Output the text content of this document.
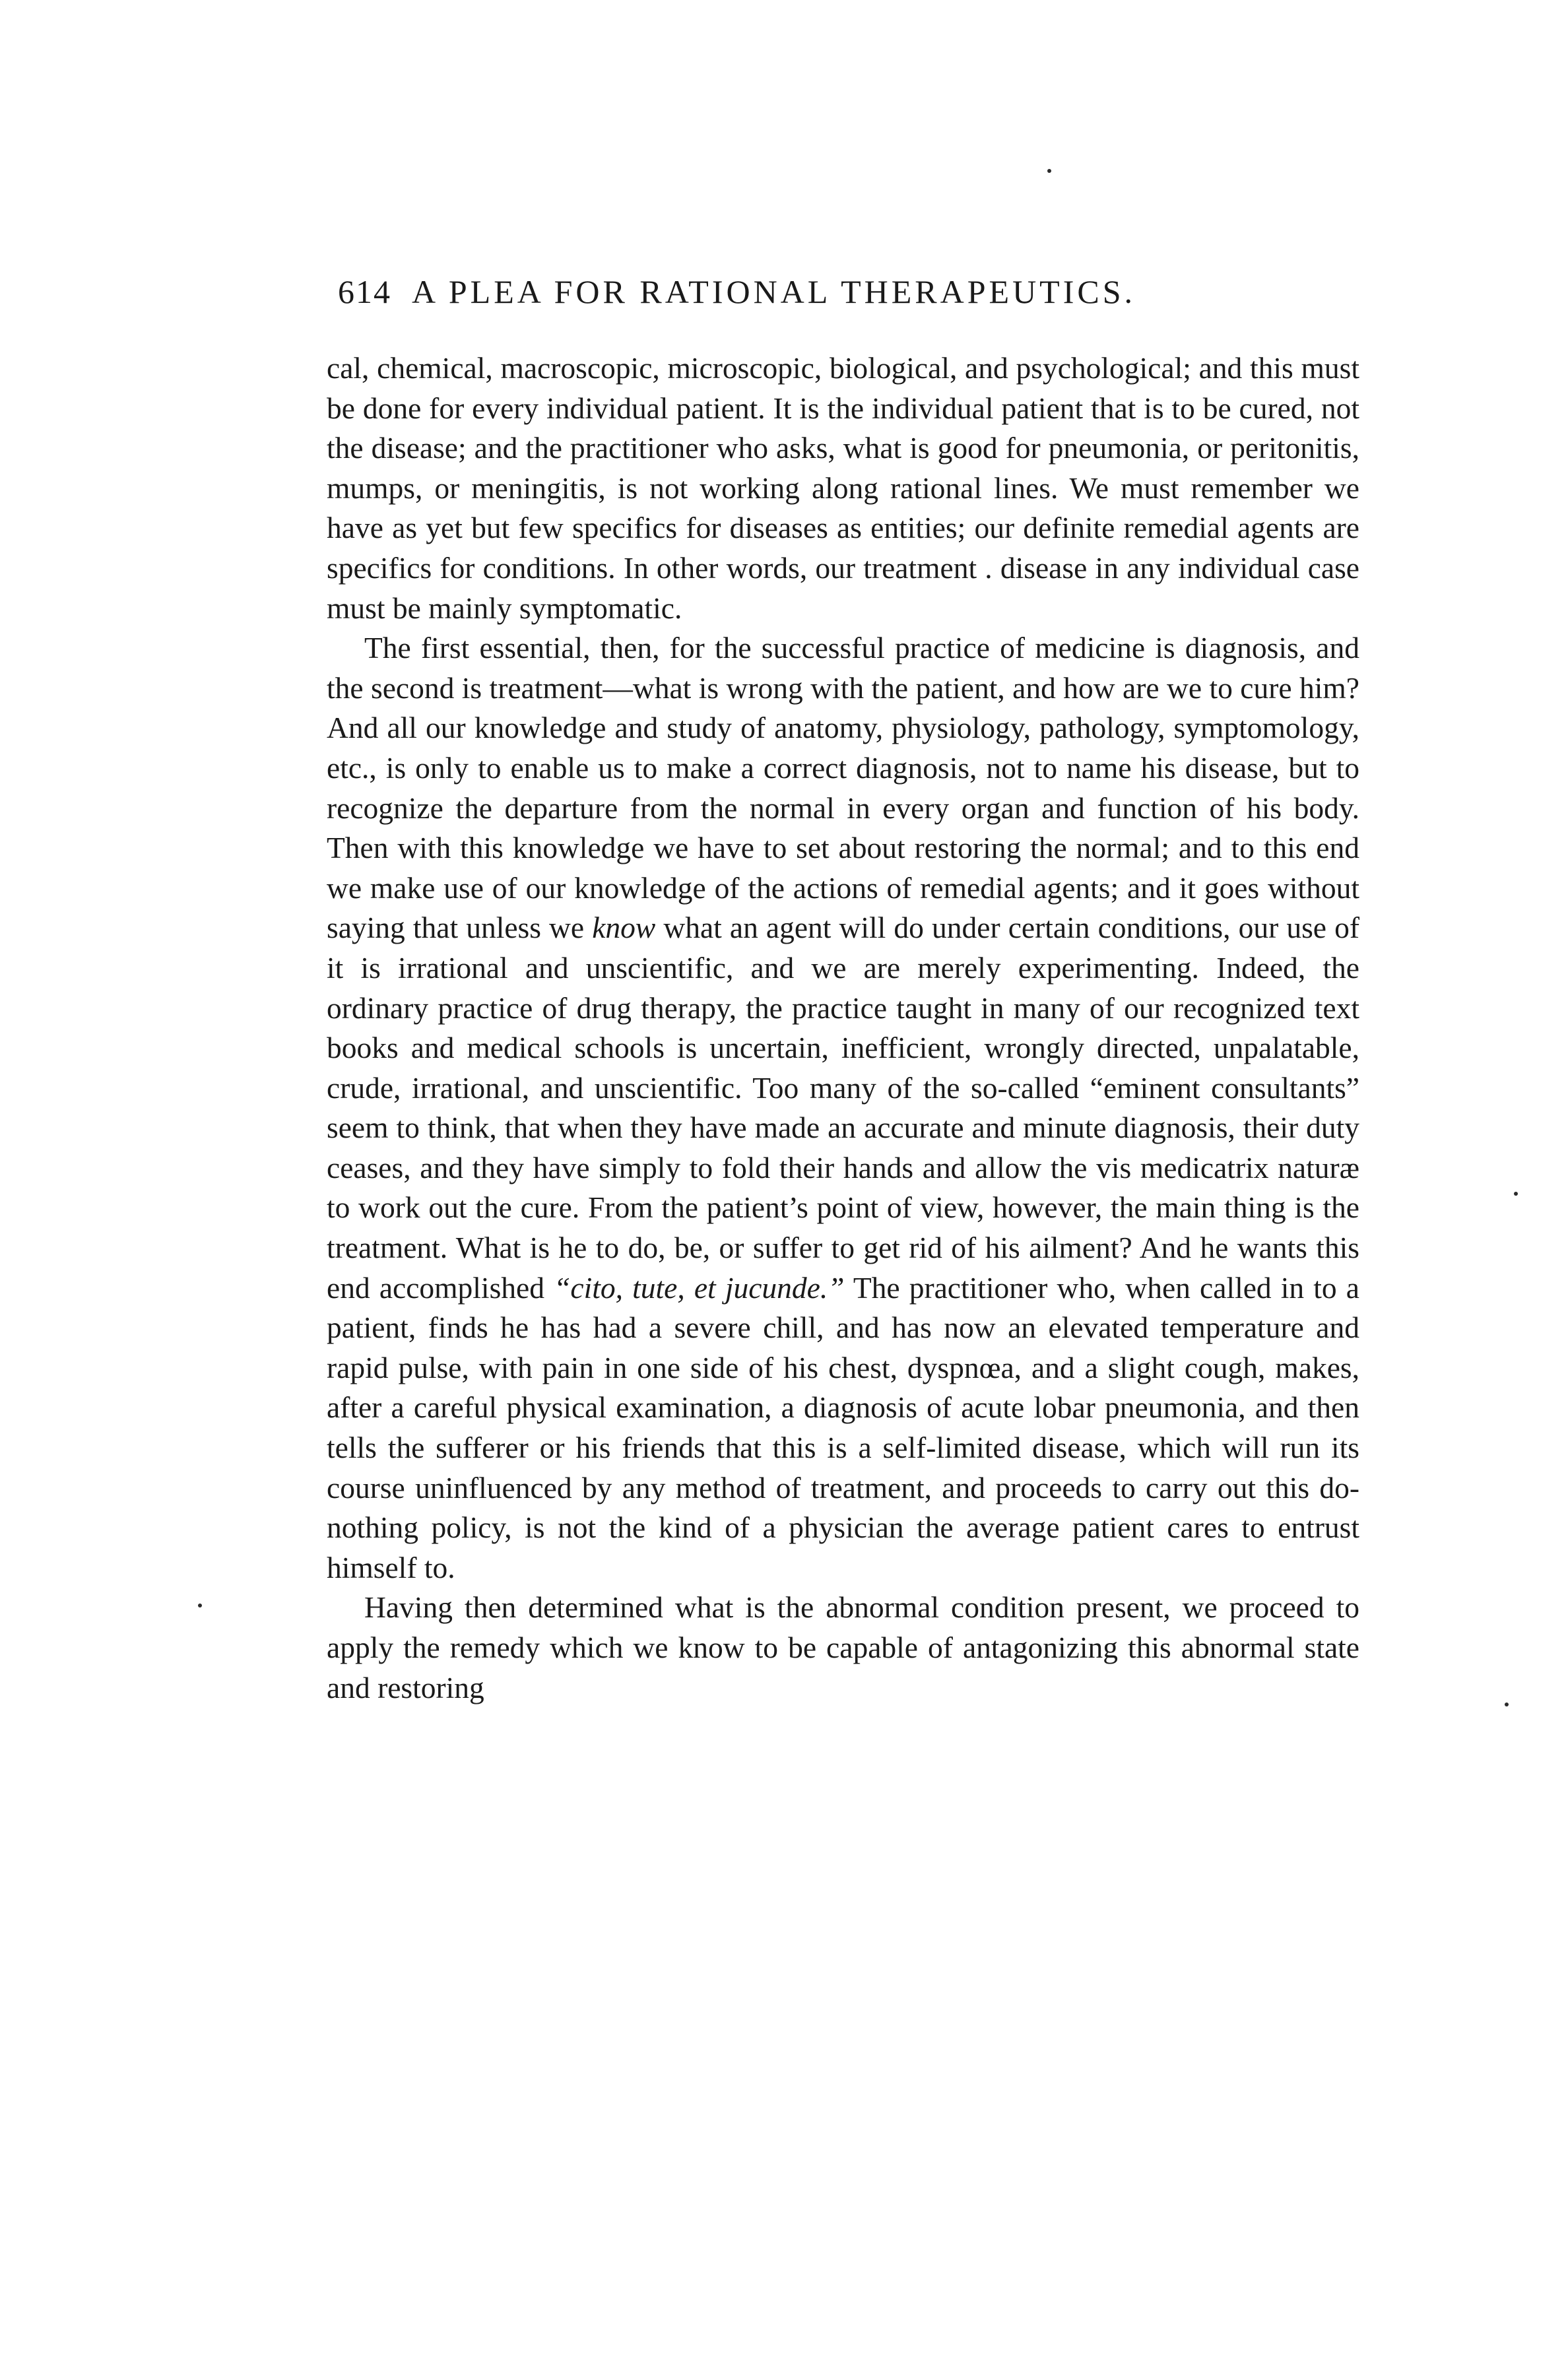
614 A PLEA FOR RATIONAL THERAPEUTICS.

cal, chemical, macroscopic, microscopic, biological, and psychological; and this must be done for every individual patient. It is the individual patient that is to be cured, not the disease; and the practitioner who asks, what is good for pneumonia, or peritonitis, mumps, or meningitis, is not working along rational lines. We must remember we have as yet but few specifics for diseases as entities; our definite remedial agents are specifics for conditions. In other words, our treatment . disease in any individual case must be mainly symptomatic.

The first essential, then, for the successful practice of medicine is diagnosis, and the second is treatment—what is wrong with the patient, and how are we to cure him? And all our knowledge and study of anatomy, physiology, pathology, symptomology, etc., is only to enable us to make a correct diagnosis, not to name his disease, but to recognize the departure from the normal in every organ and function of his body. Then with this knowledge we have to set about restoring the normal; and to this end we make use of our knowledge of the actions of remedial agents; and it goes without saying that unless we know what an agent will do under certain conditions, our use of it is irrational and unscientific, and we are merely experimenting. Indeed, the ordinary practice of drug therapy, the practice taught in many of our recognized text books and medical schools is uncertain, inefficient, wrongly directed, unpalatable, crude, irrational, and unscientific. Too many of the so-called “eminent consultants” seem to think, that when they have made an accurate and minute diagnosis, their duty ceases, and they have simply to fold their hands and allow the vis medicatrix naturæ to work out the cure. From the patient’s point of view, however, the main thing is the treatment. What is he to do, be, or suffer to get rid of his ailment? And he wants this end accomplished “cito, tute, et jucunde.” The practitioner who, when called in to a patient, finds he has had a severe chill, and has now an elevated temperature and rapid pulse, with pain in one side of his chest, dyspnœa, and a slight cough, makes, after a careful physical examination, a diagnosis of acute lobar pneumonia, and then tells the sufferer or his friends that this is a self-limited disease, which will run its course uninfluenced by any method of treatment, and proceeds to carry out this do-nothing policy, is not the kind of a physician the average patient cares to entrust himself to.

Having then determined what is the abnormal condition present, we proceed to apply the remedy which we know to be capable of antagonizing this abnormal state and restoring
